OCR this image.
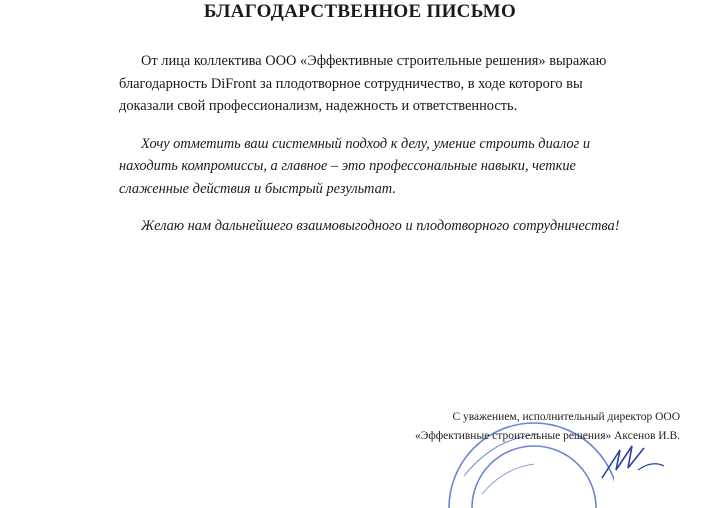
БЛАГОДАРСТВЕННОЕ ПИСЬМО

От лица коллектива ООО «Эффективные строительные решения» выражаю благодарность DiFront за плодотворное сотрудничество, в ходе которого вы доказали свой профессионализм, надежность и ответственность.

Хочу отметить ваш системный подход к делу, умение строить диалог и находить компромиссы, а главное – это профессональные навыки, четкие слаженные действия и быстрый результат.

Желаю нам дальнейшего взаимовыгодного и плодотворного сотрудничества!

С уважением, исполнительный директор ООО
«Эффективные строительные решения» Аксенов И.В.
